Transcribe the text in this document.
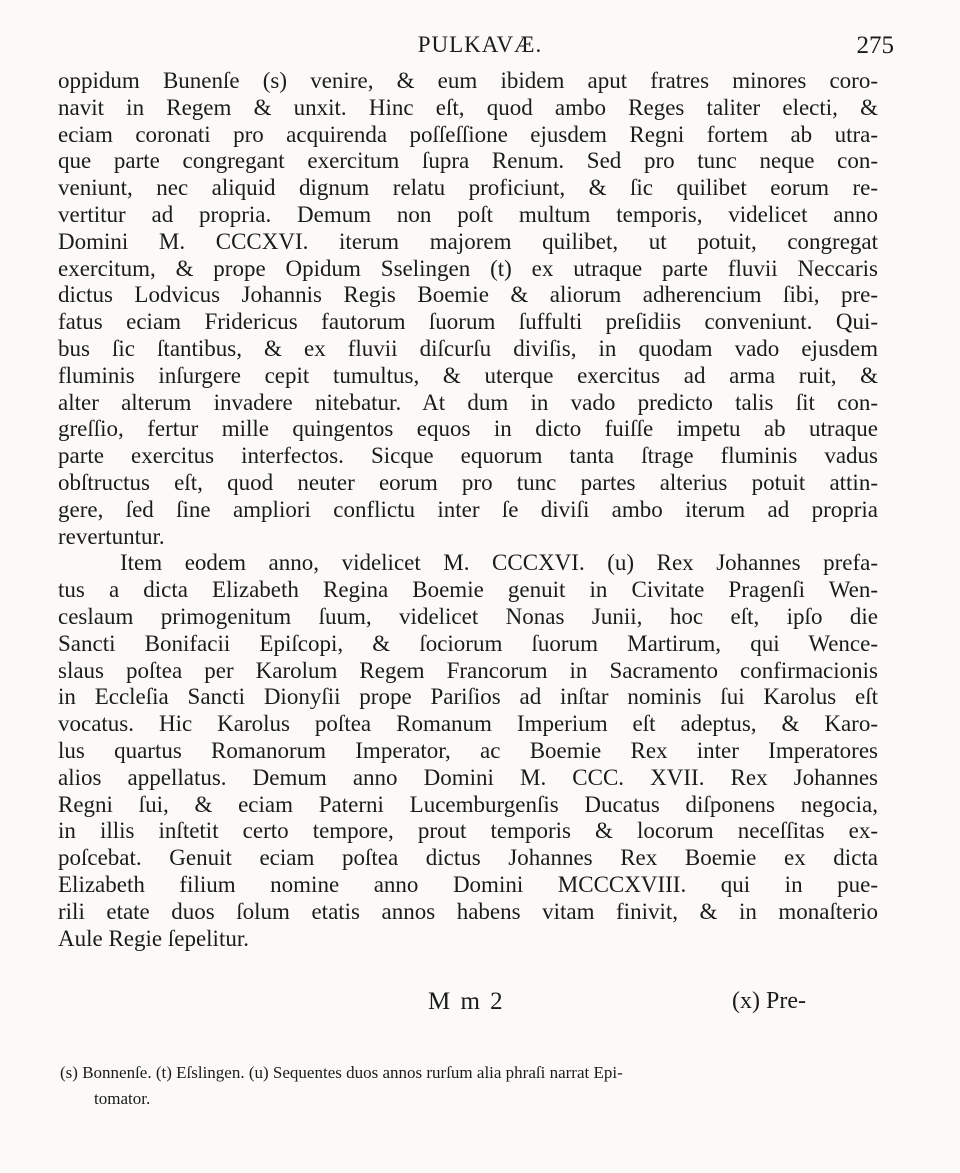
PULKAVÆ.	275
oppidum Bunenſe (s) venire, & eum ibidem aput fratres minores coro-
navit in Regem & unxit. Hinc eſt, quod ambo Reges taliter electi, &
eciam coronati pro acquirenda poſſeſſione ejusdem Regni fortem ab utra-
que parte congregant exercitum ſupra Renum. Sed pro tunc neque con-
veniunt, nec aliquid dignum relatu proficiunt, & ſic quilibet eorum re-
vertitur ad propria. Demum non poſt multum temporis, videlicet anno
Domini M. CCCXVI. iterum majorem quilibet, ut potuit, congregat
exercitum, & prope Opidum Sselingen (t) ex utraque parte fluvii Neccaris
dictus Lodvicus Johannis Regis Boemie & aliorum adherencium ſibi, pre-
fatus eciam Fridericus fautorum ſuorum ſuffulti preſidiis conveniunt. Qui-
bus ſic ſtantibus, & ex fluvii diſcurſu diviſis, in quodam vado ejusdem
fluminis inſurgere cepit tumultus, & uterque exercitus ad arma ruit, &
alter alterum invadere nitebatur. At dum in vado predicto talis ſit con-
greſſio, fertur mille quingentos equos in dicto fuiſſe impetu ab utraque
parte exercitus interfectos. Sicque equorum tanta ſtrage fluminis vadus
obſtructus eſt, quod neuter eorum pro tunc partes alterius potuit attin-
gere, ſed ſine ampliori conflictu inter ſe diviſi ambo iterum ad propria
revertuntur.
Item eodem anno, videlicet M. CCCXVI. (u) Rex Johannes prefa-
tus a dicta Elizabeth Regina Boemie genuit in Civitate Pragenſi Wen-
ceslaum primogenitum ſuum, videlicet Nonas Junii, hoc eſt, ipſo die
Sancti Bonifacii Epiſcopi, & ſociorum ſuorum Martirum, qui Wence-
slaus poſtea per Karolum Regem Francorum in Sacramento confirmacionis
in Eccleſia Sancti Dionyſii prope Pariſios ad inſtar nominis ſui Karolus eſt
vocatus. Hic Karolus poſtea Romanum Imperium eſt adeptus, & Karo-
lus quartus Romanorum Imperator, ac Boemie Rex inter Imperatores
alios appellatus. Demum anno Domini M. CCC. XVII. Rex Johannes
Regni ſui, & eciam Paterni Lucemburgenſis Ducatus diſponens negocia,
in illis inſtetit certo tempore, prout temporis & locorum neceſſitas ex-
poſcebat. Genuit eciam poſtea dictus Johannes Rex Boemie ex dicta
Elizabeth filium nomine anno Domini MCCCXVIII. qui in pue-
rili etate duos ſolum etatis annos habens vitam finivit, & in monaſterio
Aule Regie ſepelitur.
M m 2	(x) Pre-
(s) Bonnenſe. (t) Eſslingen. (u) Sequentes duos annos rurſum alia phraſi narrat Epi-
tomator.
